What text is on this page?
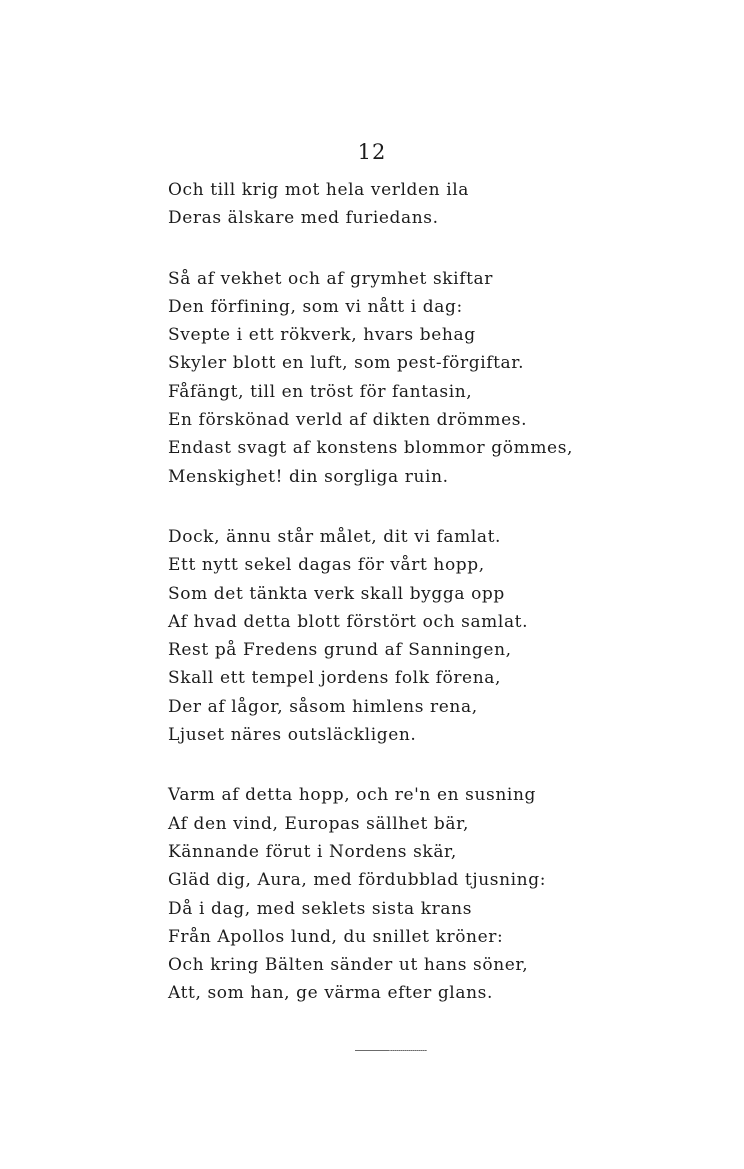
12
Och till krig mot hela verlden ila
Deras älskare med furiedans.
Så af vekhet och af grymhet skiftar
Den förfining, som vi nått i dag:
Svepte i ett rökverk, hvars behag
Skyler blott en luft, som pest-förgiftar.
Fåfängt, till en tröst för fantasin,
En förskönad verld af dikten drömmes.
Endast svagt af konstens blommor gömmes,
Menskighet! din sorgliga ruin.
Dock, ännu står målet, dit vi famlat.
Ett nytt sekel dagas för vårt hopp,
Som det tänkta verk skall bygga opp
Af hvad detta blott förstört och samlat.
Rest på Fredens grund af Sanningen,
Skall ett tempel jordens folk förena,
Der af lågor, såsom himlens rena,
Ljuset näres outsläckligen.
Varm af detta hopp, och re'n en susning
Af den vind, Europas sällhet bär,
Kännande förut i Nordens skär,
Gläd dig, Aura, med fördubblad tjusning:
Då i dag, med seklets sista krans
Från Apollos lund, du snillet kröner:
Och kring Bälten sänder ut hans söner,
Att, som han, ge värma efter glans.
